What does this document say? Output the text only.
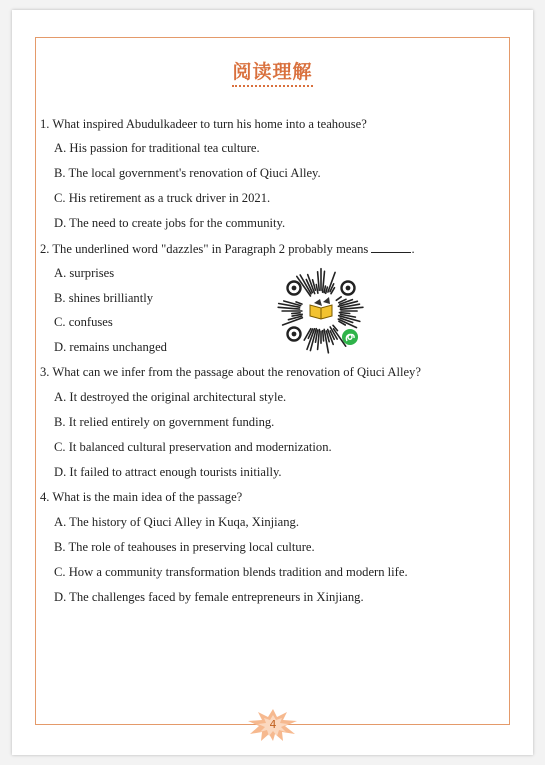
阅读理解
1. What inspired Abudulkadeer to turn his home into a teahouse?
A. His passion for traditional tea culture.
B. The local government's renovation of Qiuci Alley.
C. His retirement as a truck driver in 2021.
D. The need to create jobs for the community.
2. The underlined word "dazzles" in Paragraph 2 probably means	.
A. surprises
B. shines brilliantly
C. confuses
D. remains unchanged
3. What can we infer from the passage about the renovation of Qiuci Alley?
A. It destroyed the original architectural style.
B. It relied entirely on government funding.
C. It balanced cultural preservation and modernization.
D. It failed to attract enough tourists initially.
4. What is the main idea of the passage?
A. The history of Qiuci Alley in Kuqa, Xinjiang.
B. The role of teahouses in preserving local culture.
C. How a community transformation blends tradition and modern life.
D. The challenges faced by female entrepreneurs in Xinjiang.
4
